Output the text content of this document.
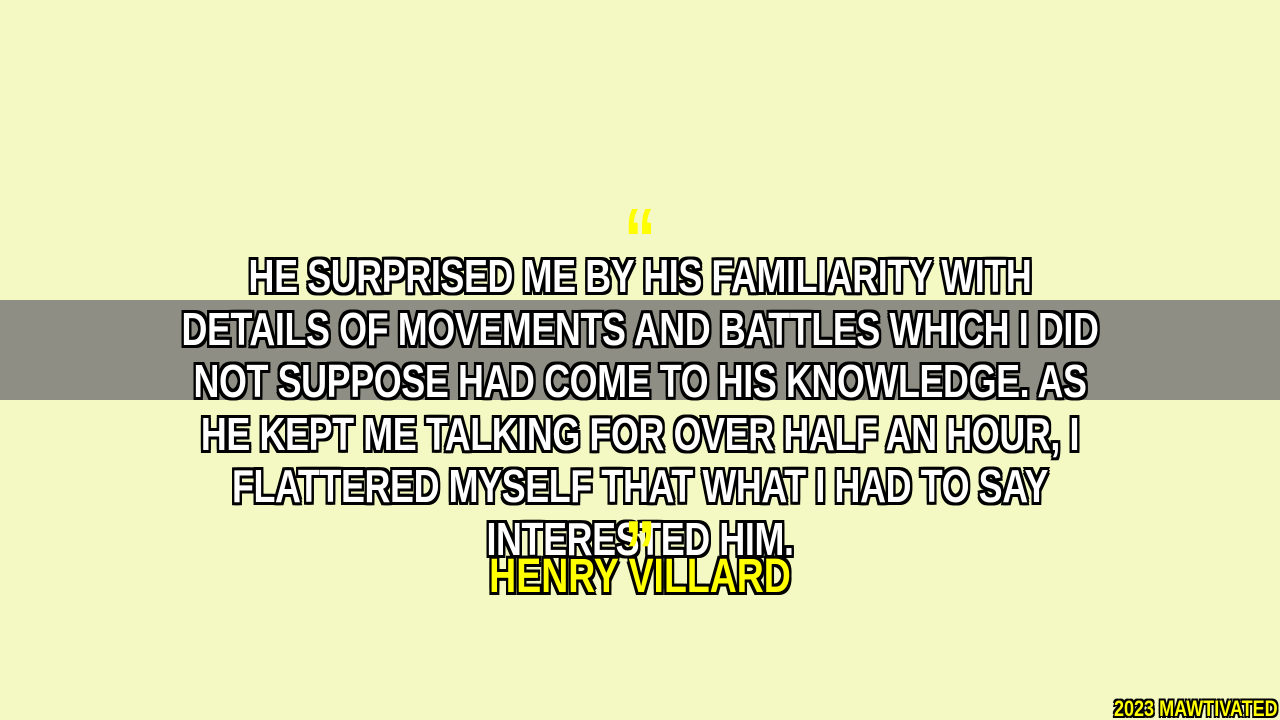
HE SURPRISED ME BY HIS FAMILIARITY WITH DETAILS OF MOVEMENTS AND BATTLES WHICH I DID NOT SUPPOSE HAD COME TO HIS KNOWLEDGE. AS HE KEPT ME TALKING FOR OVER HALF AN HOUR, I FLATTERED MYSELF THAT WHAT I HAD TO SAY INTERESTED HIM.
HENRY VILLARD
2023 MAWTIVATED
